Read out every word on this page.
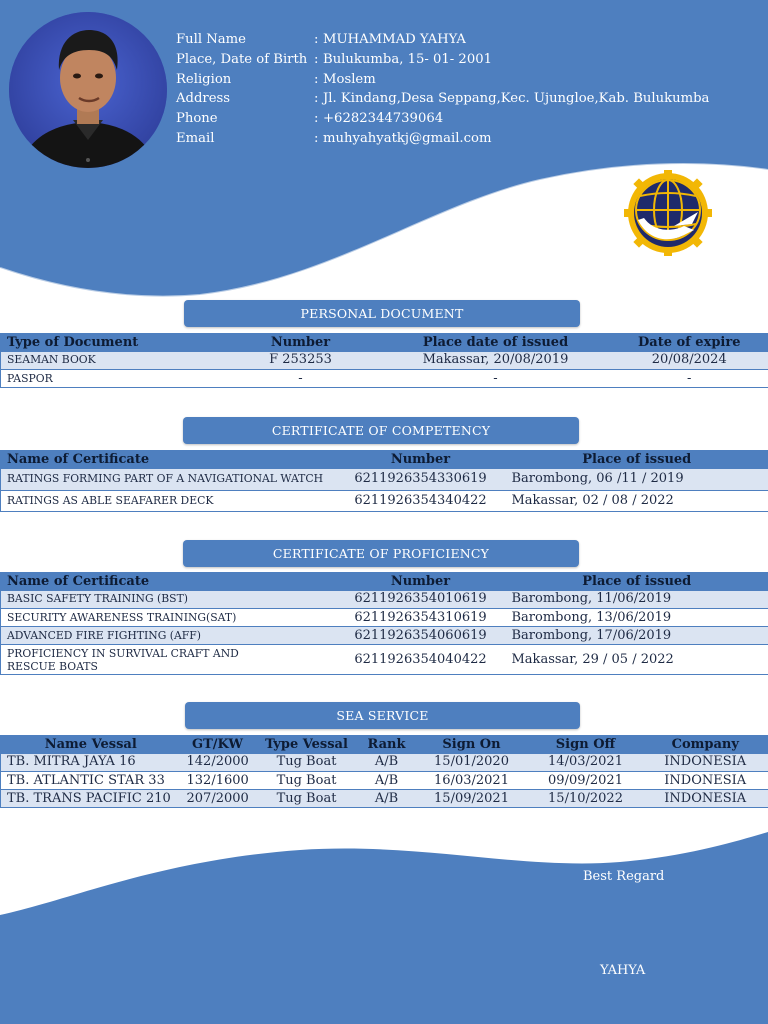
Full Name	: MUHAMMAD YAHYA
Place, Date of Birth : Bulukumba, 15- 01- 2001
Religion	: Moslem
Address	: Jl. Kindang,Desa Seppang,Kec. Ujungloe,Kab. Bulukumba
Phone	: +6282344739064
Email	: muhyahyatkj@gmail.com
PERSONAL DOCUMENT
Type of Document	Number	Place date of issued	Date of expire
SEAMAN BOOK	F 253253	Makassar, 20/08/2019	20/08/2024
PASPOR	-	-	-
CERTIFICATE OF COMPETENCY
Name of Certificate	Number	Place of issued
RATINGS FORMING PART OF A NAVIGATIONAL WATCH	6211926354330619	Barombong, 06 /11 / 2019
RATINGS AS ABLE SEAFARER DECK	6211926354340422	Makassar, 02 / 08 / 2022
CERTIFICATE OF PROFICIENCY
Name of Certificate	Number	Place of issued
BASIC SAFETY TRAINING (BST)	6211926354010619	Barombong, 11/06/2019
SECURITY AWARENESS TRAINING(SAT)	6211926354310619	Barombong, 13/06/2019
ADVANCED FIRE FIGHTING (AFF)	6211926354060619	Barombong, 17/06/2019
PROFICIENCY IN SURVIVAL CRAFT AND RESCUE BOATS	6211926354040422	Makassar, 29 / 05 / 2022
SEA SERVICE
Name Vessal	GT/KW	Type Vessal	Rank	Sign On	Sign Off	Company
TB. MITRA JAYA 16	142/2000	Tug Boat	A/B	15/01/2020	14/03/2021	INDONESIA
TB. ATLANTIC STAR 33	132/1600	Tug Boat	A/B	16/03/2021	09/09/2021	INDONESIA
TB. TRANS PACIFIC 210	207/2000	Tug Boat	A/B	15/09/2021	15/10/2022	INDONESIA
Best Regard
YAHYA
